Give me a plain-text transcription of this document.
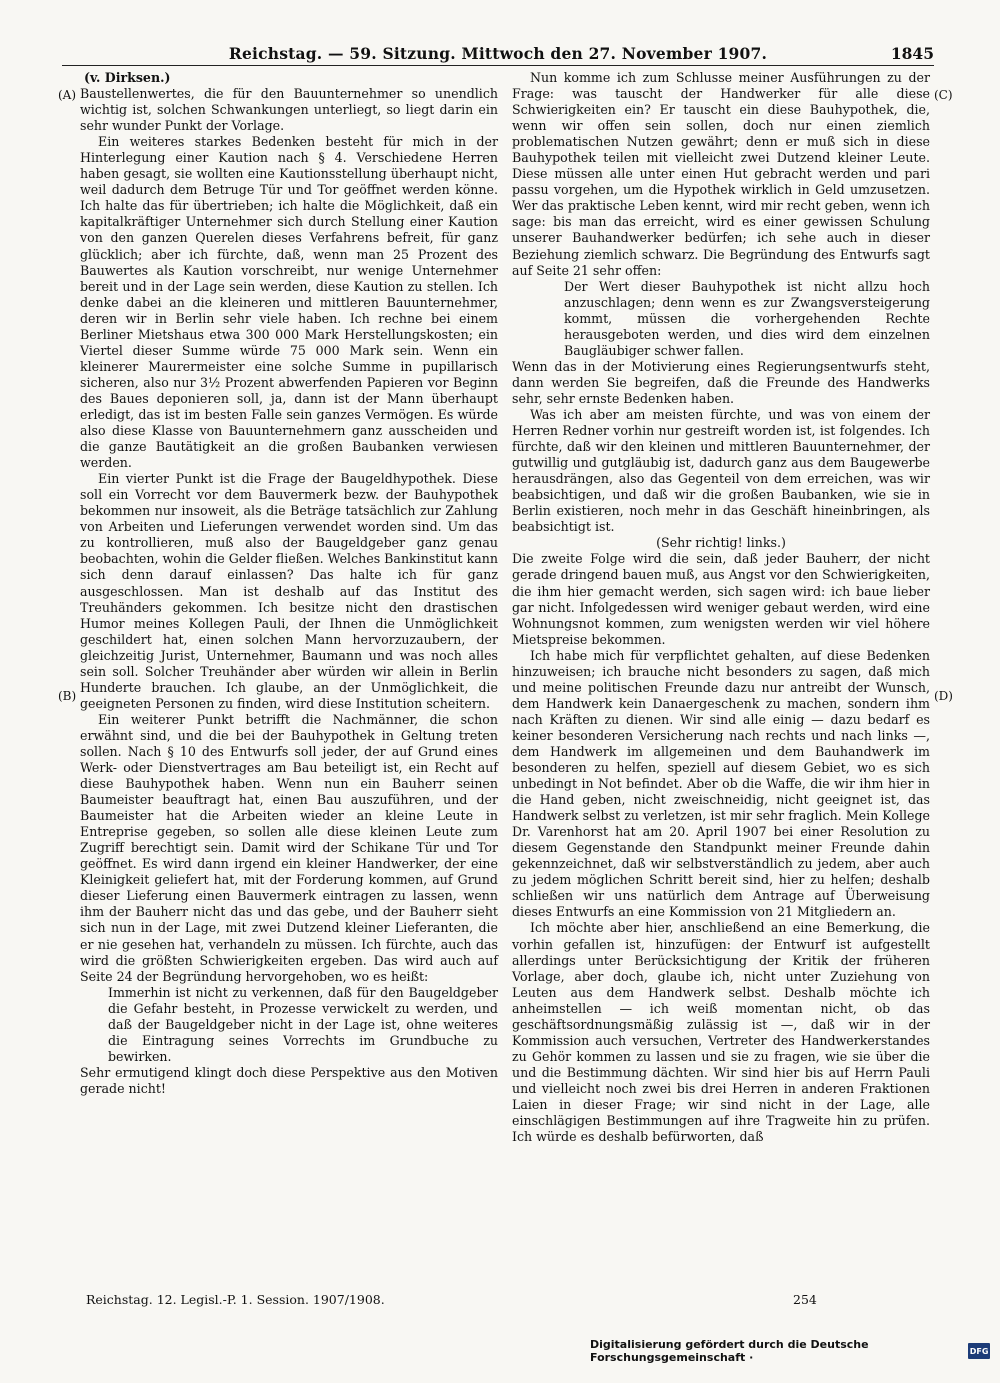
Reichstag. — 59. Sitzung. Mittwoch den 27. November 1907.	1845
(A)
(B)
(C)
(D)

(v. Dirksen.)

Baustellenwertes, die für den Bauunternehmer so unendlich wichtig ist, solchen Schwankungen unterliegt, so liegt darin ein sehr wunder Punkt der Vorlage.

Ein weiteres starkes Bedenken besteht für mich in der Hinterlegung einer Kaution nach § 4. Verschiedene Herren haben gesagt, sie wollten eine Kautionsstellung überhaupt nicht, weil dadurch dem Betruge Tür und Tor geöffnet werden könne. Ich halte das für übertrieben; ich halte die Möglichkeit, daß ein kapitalkräftiger Unternehmer sich durch Stellung einer Kaution von den ganzen Querelen dieses Verfahrens befreit, für ganz glücklich; aber ich fürchte, daß, wenn man 25 Prozent des Bauwertes als Kaution vorschreibt, nur wenige Unternehmer bereit und in der Lage sein werden, diese Kaution zu stellen. Ich denke dabei an die kleineren und mittleren Bauunternehmer, deren wir in Berlin sehr viele haben. Ich rechne bei einem Berliner Mietshaus etwa 300 000 Mark Herstellungskosten; ein Viertel dieser Summe würde 75 000 Mark sein. Wenn ein kleinerer Maurermeister eine solche Summe in pupillarisch sicheren, also nur 3½ Prozent abwerfenden Papieren vor Beginn des Baues deponieren soll, ja, dann ist der Mann überhaupt erledigt, das ist im besten Falle sein ganzes Vermögen. Es würde also diese Klasse von Bauunternehmern ganz ausscheiden und die ganze Bautätigkeit an die großen Baubanken verwiesen werden.

Ein vierter Punkt ist die Frage der Baugeldhypothek. Diese soll ein Vorrecht vor dem Bauvermerk bezw. der Bauhypothek bekommen nur insoweit, als die Beträge tatsächlich zur Zahlung von Arbeiten und Lieferungen verwendet worden sind. Um das zu kontrollieren, muß also der Baugeldgeber ganz genau beobachten, wohin die Gelder fließen. Welches Bankinstitut kann sich denn darauf einlassen? Das halte ich für ganz ausgeschlossen. Man ist deshalb auf das Institut des Treuhänders gekommen. Ich besitze nicht den drastischen Humor meines Kollegen Pauli, der Ihnen die Unmöglichkeit geschildert hat, einen solchen Mann hervorzuzaubern, der gleichzeitig Jurist, Unternehmer, Baumann und was noch alles sein soll. Solcher Treuhänder aber würden wir allein in Berlin Hunderte brauchen. Ich glaube, an der Unmöglichkeit, die geeigneten Personen zu finden, wird diese Institution scheitern.

Ein weiterer Punkt betrifft die Nachmänner, die schon erwähnt sind, und die bei der Bauhypothek in Geltung treten sollen. Nach § 10 des Entwurfs soll jeder, der auf Grund eines Werk- oder Dienstvertrages am Bau beteiligt ist, ein Recht auf diese Bauhypothek haben. Wenn nun ein Bauherr seinen Baumeister beauftragt hat, einen Bau auszuführen, und der Baumeister hat die Arbeiten wieder an kleine Leute in Entreprise gegeben, so sollen alle diese kleinen Leute zum Zugriff berechtigt sein. Damit wird der Schikane Tür und Tor geöffnet. Es wird dann irgend ein kleiner Handwerker, der eine Kleinigkeit geliefert hat, mit der Forderung kommen, auf Grund dieser Lieferung einen Bauvermerk eintragen zu lassen, wenn ihm der Bauherr nicht das und das gebe, und der Bauherr sieht sich nun in der Lage, mit zwei Dutzend kleiner Lieferanten, die er nie gesehen hat, verhandeln zu müssen. Ich fürchte, auch das wird die größten Schwierigkeiten ergeben. Das wird auch auf Seite 24 der Begründung hervorgehoben, wo es heißt:

Immerhin ist nicht zu verkennen, daß für den Baugeldgeber die Gefahr besteht, in Prozesse verwickelt zu werden, und daß der Baugeldgeber nicht in der Lage ist, ohne weiteres die Eintragung seines Vorrechts im Grundbuche zu bewirken.

Sehr ermutigend klingt doch diese Perspektive aus den Motiven gerade nicht!

Nun komme ich zum Schlusse meiner Ausführungen zu der Frage: was tauscht der Handwerker für alle diese Schwierigkeiten ein? Er tauscht ein diese Bauhypothek, die, wenn wir offen sein sollen, doch nur einen ziemlich problematischen Nutzen gewährt; denn er muß sich in diese Bauhypothek teilen mit vielleicht zwei Dutzend kleiner Leute. Diese müssen alle unter einen Hut gebracht werden und pari passu vorgehen, um die Hypothek wirklich in Geld umzusetzen. Wer das praktische Leben kennt, wird mir recht geben, wenn ich sage: bis man das erreicht, wird es einer gewissen Schulung unserer Bauhandwerker bedürfen; ich sehe auch in dieser Beziehung ziemlich schwarz. Die Begründung des Entwurfs sagt auf Seite 21 sehr offen:

Der Wert dieser Bauhypothek ist nicht allzu hoch anzuschlagen; denn wenn es zur Zwangsversteigerung kommt, müssen die vorhergehenden Rechte herausgeboten werden, und dies wird dem einzelnen Baugläubiger schwer fallen.

Wenn das in der Motivierung eines Regierungsentwurfs steht, dann werden Sie begreifen, daß die Freunde des Handwerks sehr, sehr ernste Bedenken haben.

Was ich aber am meisten fürchte, und was von einem der Herren Redner vorhin nur gestreift worden ist, ist folgendes. Ich fürchte, daß wir den kleinen und mittleren Bauunternehmer, der gutwillig und gutgläubig ist, dadurch ganz aus dem Baugewerbe herausdrängen, also das Gegenteil von dem erreichen, was wir beabsichtigen, und daß wir die großen Baubanken, wie sie in Berlin existieren, noch mehr in das Geschäft hineinbringen, als beabsichtigt ist.

(Sehr richtig! links.)

Die zweite Folge wird die sein, daß jeder Bauherr, der nicht gerade dringend bauen muß, aus Angst vor den Schwierigkeiten, die ihm hier gemacht werden, sich sagen wird: ich baue lieber gar nicht. Infolgedessen wird weniger gebaut werden, wird eine Wohnungsnot kommen, zum wenigsten werden wir viel höhere Mietspreise bekommen.

Ich habe mich für verpflichtet gehalten, auf diese Bedenken hinzuweisen; ich brauche nicht besonders zu sagen, daß mich und meine politischen Freunde dazu nur antreibt der Wunsch, dem Handwerk kein Danaergeschenk zu machen, sondern ihm nach Kräften zu dienen. Wir sind alle einig — dazu bedarf es keiner besonderen Versicherung nach rechts und nach links —, dem Handwerk im allgemeinen und dem Bauhandwerk im besonderen zu helfen, speziell auf diesem Gebiet, wo es sich unbedingt in Not befindet. Aber ob die Waffe, die wir ihm hier in die Hand geben, nicht zweischneidig, nicht geeignet ist, das Handwerk selbst zu verletzen, ist mir sehr fraglich. Mein Kollege Dr. Varenhorst hat am 20. April 1907 bei einer Resolution zu diesem Gegenstande den Standpunkt meiner Freunde dahin gekennzeichnet, daß wir selbstverständlich zu jedem, aber auch zu jedem möglichen Schritt bereit sind, hier zu helfen; deshalb schließen wir uns natürlich dem Antrage auf Überweisung dieses Entwurfs an eine Kommission von 21 Mitgliedern an.

Ich möchte aber hier, anschließend an eine Bemerkung, die vorhin gefallen ist, hinzufügen: der Entwurf ist aufgestellt allerdings unter Berücksichtigung der Kritik der früheren Vorlage, aber doch, glaube ich, nicht unter Zuziehung von Leuten aus dem Handwerk selbst. Deshalb möchte ich anheimstellen — ich weiß momentan nicht, ob das geschäftsordnungsmäßig zulässig ist —, daß wir in der Kommission auch versuchen, Vertreter des Handwerkerstandes zu Gehör kommen zu lassen und sie zu fragen, wie sie über die und die Bestimmung dächten. Wir sind hier bis auf Herrn Pauli und vielleicht noch zwei bis drei Herren in anderen Fraktionen Laien in dieser Frage; wir sind nicht in der Lage, alle einschlägigen Bestimmungen auf ihre Tragweite hin zu prüfen. Ich würde es deshalb befürworten, daß

Reichstag. 12. Legisl.-P. 1. Session. 1907/1908.	254
Digitalisierung gefördert durch die Deutsche Forschungsgemeinschaft ·	DFG
